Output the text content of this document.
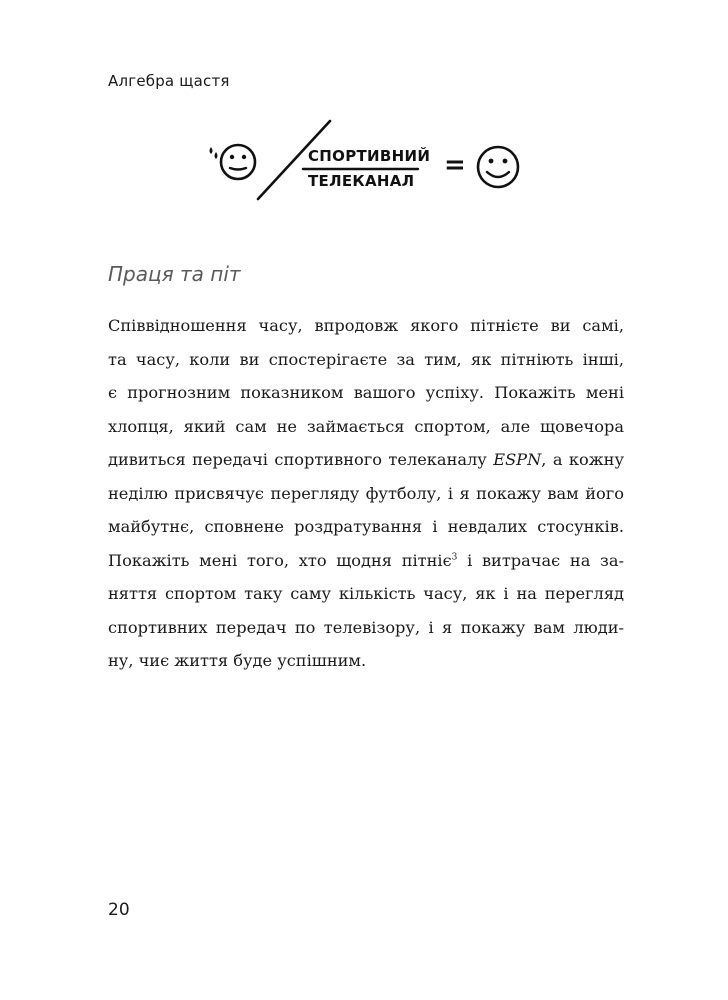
Алгебра щастя
СПОРТИВНИЙ
ТЕЛЕКАНАЛ
=
Праця та піт

Співвідношення часу, впродовж якого пітнієте ви самі,
та часу, коли ви спостерігаєте за тим, як пітніють інші,
є прогнозним показником вашого успіху. Покажіть мені
хлопця, який сам не займається спортом, але щовечора
дивиться передачі спортивного телеканалу ESPN, а кожну
неділю присвячує перегляду футболу, і я покажу вам його
майбутнє, сповнене роздратування і невдалих стосунків.
Покажіть мені того, хто щодня пітніє$^3$ і витрачає на за-
няття спортом таку саму кількість часу, як і на перегляд
спортивних передач по телевізору, і я покажу вам люди-
ну, чиє життя буде успішним.

20
